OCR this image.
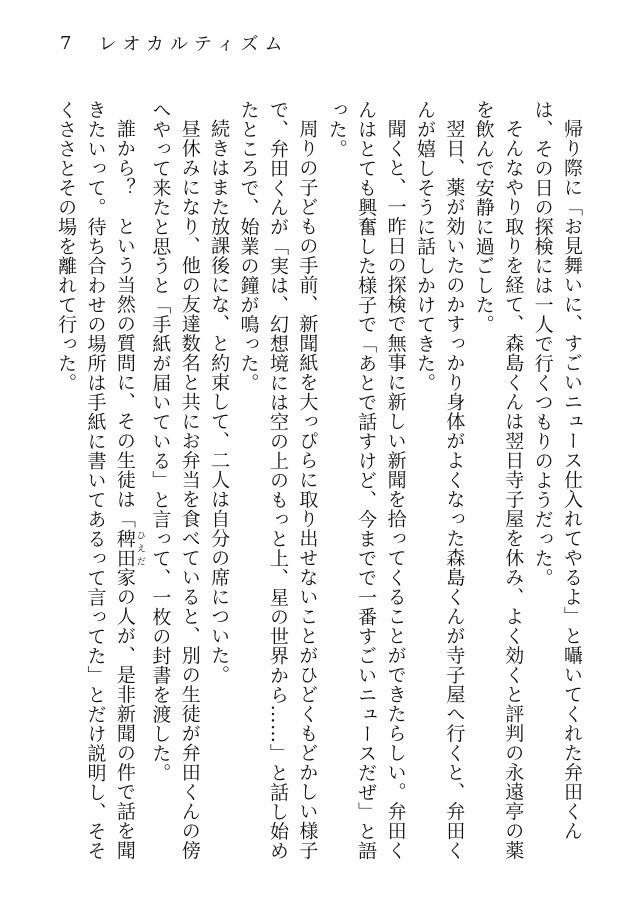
7 レオカルティズム

帰り際に「お見舞いに、すごいニュース仕入れてやるよ」と囁いてくれた弁田くんは、その日の探検には一人で行くつもりのようだった。

そんなやり取りを経て、森島くんは翌日寺子屋を休み、よく効くと評判の永遠亭の薬を飲んで安静に過ごした。

翌日、薬が効いたのかすっかり身体がよくなった森島くんが寺子屋へ行くと、弁田くんが嬉しそうに話しかけてきた。

聞くと、一昨日の探検で無事に新しい新聞を拾ってくることができたらしい。弁田くんはとても興奮した様子で「あとで話すけど、今までで一番すごいニュースだぜ」と語った。

周りの子どもの手前、新聞紙を大っぴらに取り出せないことがひどくもどかしい様子で、弁田くんが「実は、幻想境には空の上のもっと上、星の世界から……」と話し始めたところで、始業の鐘が鳴った。

続きはまた放課後にな、と約束して、二人は自分の席についた。

昼休みになり、他の友達数名と共にお弁当を食べていると、別の生徒が弁田くんの傍へやって来たと思うと「手紙が届いている」と言って、一枚の封書を渡した。

誰から？　という当然の質問に、その生徒は「稗田 ひえだ家の人が、是非新聞の件で話を聞きたいって。待ち合わせの場所は手紙に書いてあるって言ってた」とだけ説明し、そそくささとその場を離れて行った。
